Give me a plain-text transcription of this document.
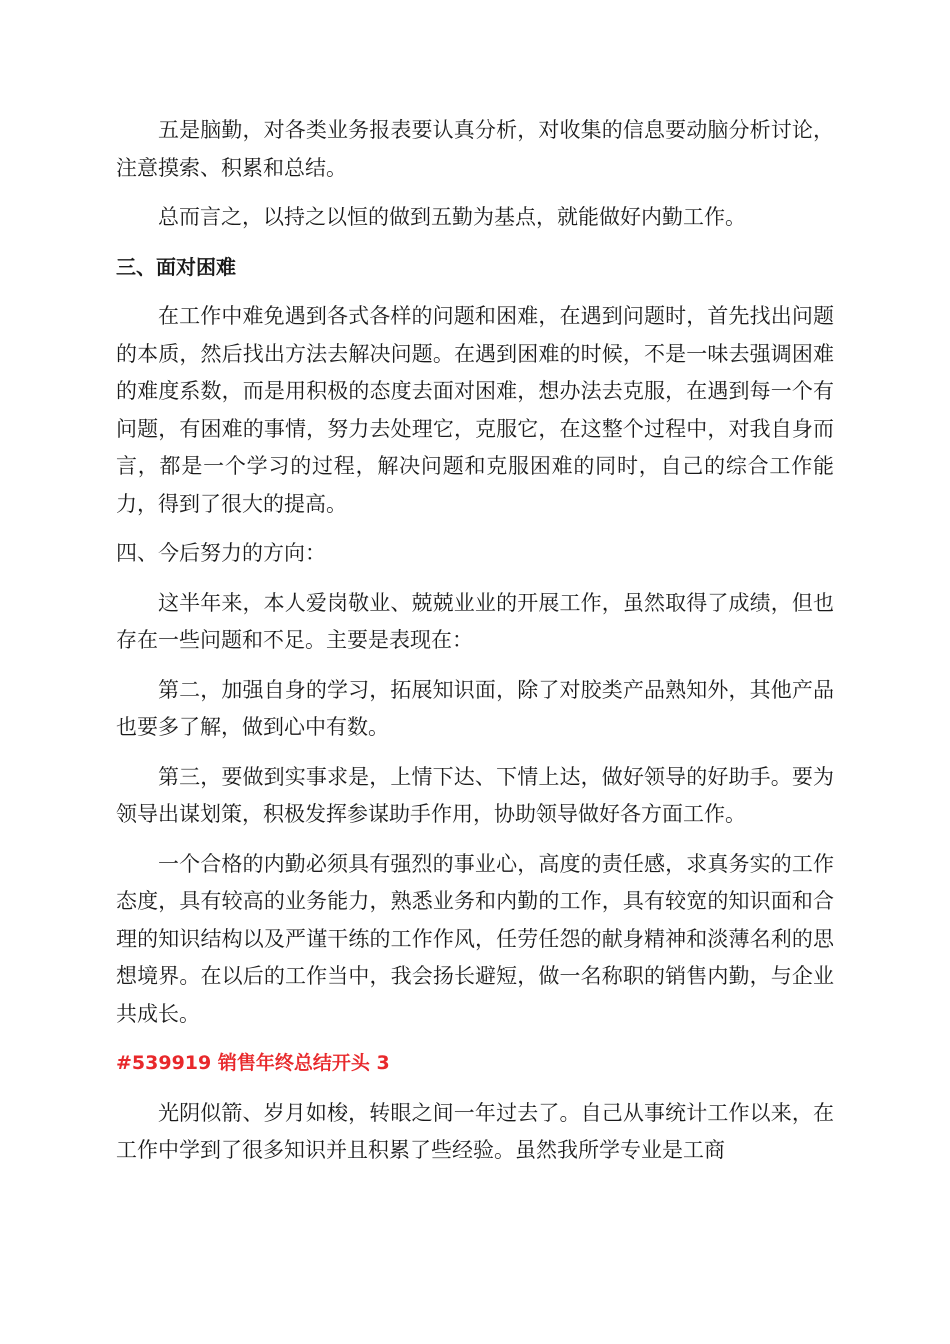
五是脑勤，对各类业务报表要认真分析，对收集的信息要动脑分析讨论，注意摸索、积累和总结。

总而言之，以持之以恒的做到五勤为基点，就能做好内勤工作。

三、面对困难

在工作中难免遇到各式各样的问题和困难，在遇到问题时，首先找出问题的本质，然后找出方法去解决问题。在遇到困难的时候，不是一味去强调困难的难度系数，而是用积极的态度去面对困难，想办法去克服，在遇到每一个有问题，有困难的事情，努力去处理它，克服它，在这整个过程中，对我自身而言，都是一个学习的过程，解决问题和克服困难的同时，自己的综合工作能力，得到了很大的提高。

四、今后努力的方向：

这半年来，本人爱岗敬业、兢兢业业的开展工作，虽然取得了成绩，但也存在一些问题和不足。主要是表现在：

第二，加强自身的学习，拓展知识面，除了对胶类产品熟知外，其他产品也要多了解，做到心中有数。

第三，要做到实事求是，上情下达、下情上达，做好领导的好助手。要为领导出谋划策，积极发挥参谋助手作用，协助领导做好各方面工作。

一个合格的内勤必须具有强烈的事业心，高度的责任感，求真务实的工作态度，具有较高的业务能力，熟悉业务和内勤的工作，具有较宽的知识面和合理的知识结构以及严谨干练的工作作风，任劳任怨的献身精神和淡薄名利的思想境界。在以后的工作当中，我会扬长避短，做一名称职的销售内勤，与企业共成长。

#539919 销售年终总结开头 3

光阴似箭、岁月如梭，转眼之间一年过去了。自己从事统计工作以来，在工作中学到了很多知识并且积累了些经验。虽然我所学专业是工商
